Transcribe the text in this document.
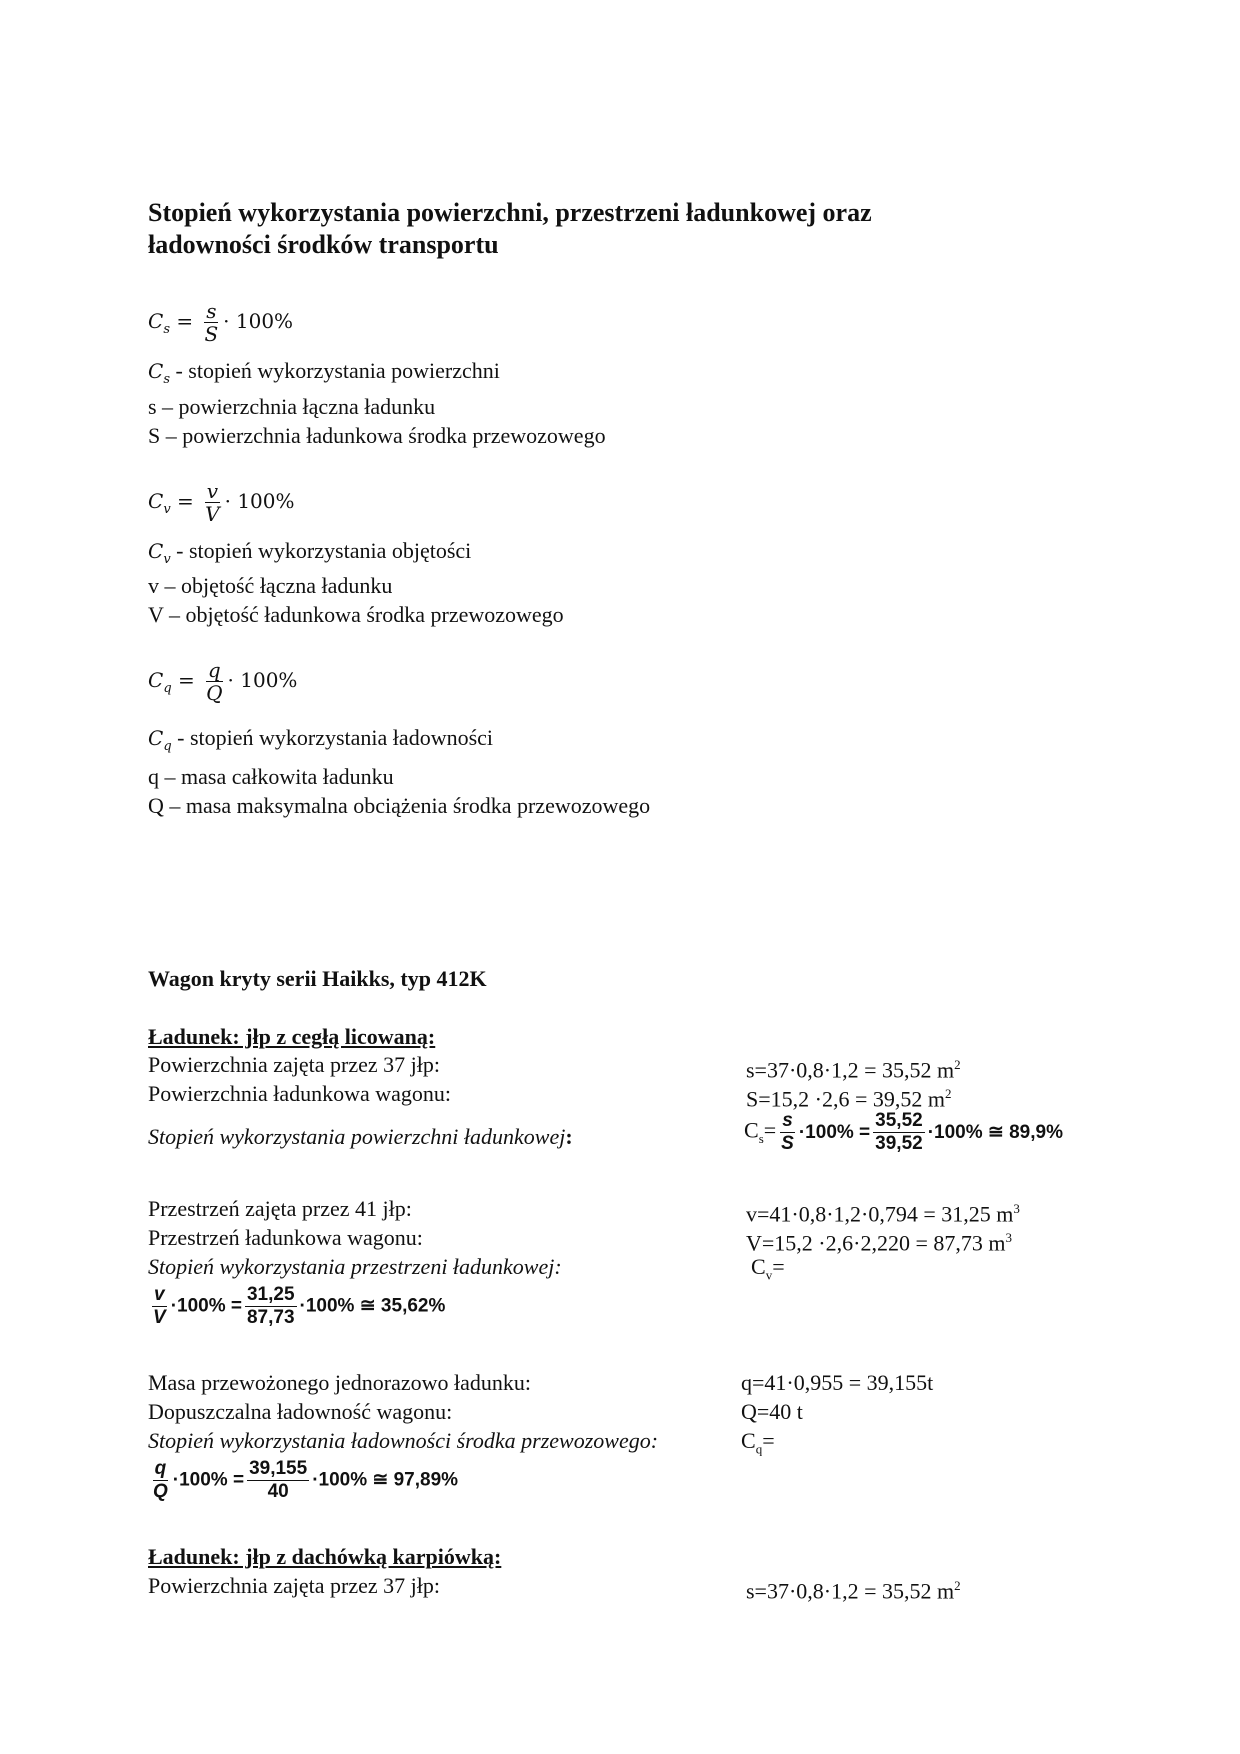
Stopień wykorzystania powierzchni, przestrzeni ładunkowej oraz
ładowności środków transportu
$C_s = \frac{s}{S} \cdot 100\%$
$C_s$ - stopień wykorzystania powierzchni
s – powierzchnia łączna ładunku
S – powierzchnia ładunkowa środka przewozowego
$C_v = \frac{v}{V} \cdot 100\%$
$C_v$ - stopień wykorzystania objętości
v – objętość łączna ładunku
V – objętość ładunkowa środka przewozowego
$C_q = \frac{q}{Q} \cdot 100\%$
$C_q$ - stopień wykorzystania ładowności
q – masa całkowita ładunku
Q – masa maksymalna obciążenia środka przewozowego
Wagon kryty serii Haikks, typ 412K
Ładunek: jłp z cegłą licowaną:
Powierzchnia zajęta przez 37 jłp:	s=37·0,8·1,2 = 35,52 $m^2$
Powierzchnia ładunkowa wagonu:	S=15,2 ·2,6 = 39,52 $m^2$
Stopień wykorzystania powierzchni ładunkowej:	$C_s= \frac{s}{S} \cdot 100\% = \frac{35,52}{39,52} \cdot 100\%$ ≅ 89,9%
Przestrzeń zajęta przez 41 jłp:	v=41·0,8·1,2·0,794 = 31,25 $m^3$
Przestrzeń ładunkowa wagonu:	V=15,2 ·2,6·2,220 = 87,73 $m^3$
Stopień wykorzystania przestrzeni ładunkowej:	$C_v=$
$\frac{v}{V} \cdot 100\% = \frac{31,25}{87,73} \cdot 100\%$ ≅ 35,62%
Masa przewożonego jednorazowo ładunku:	q=41·0,955 = 39,155t
Dopuszczalna ładowność wagonu:	Q=40 t
Stopień wykorzystania ładowności środka przewozowego:	$C_q=$
$\frac{q}{Q} \cdot 100\% = \frac{39,155}{40} \cdot 100\%$ ≅ 97,89%
Ładunek: jłp z dachówką karpiówką:
Powierzchnia zajęta przez 37 jłp:	s=37·0,8·1,2 = 35,52 $m^2$
